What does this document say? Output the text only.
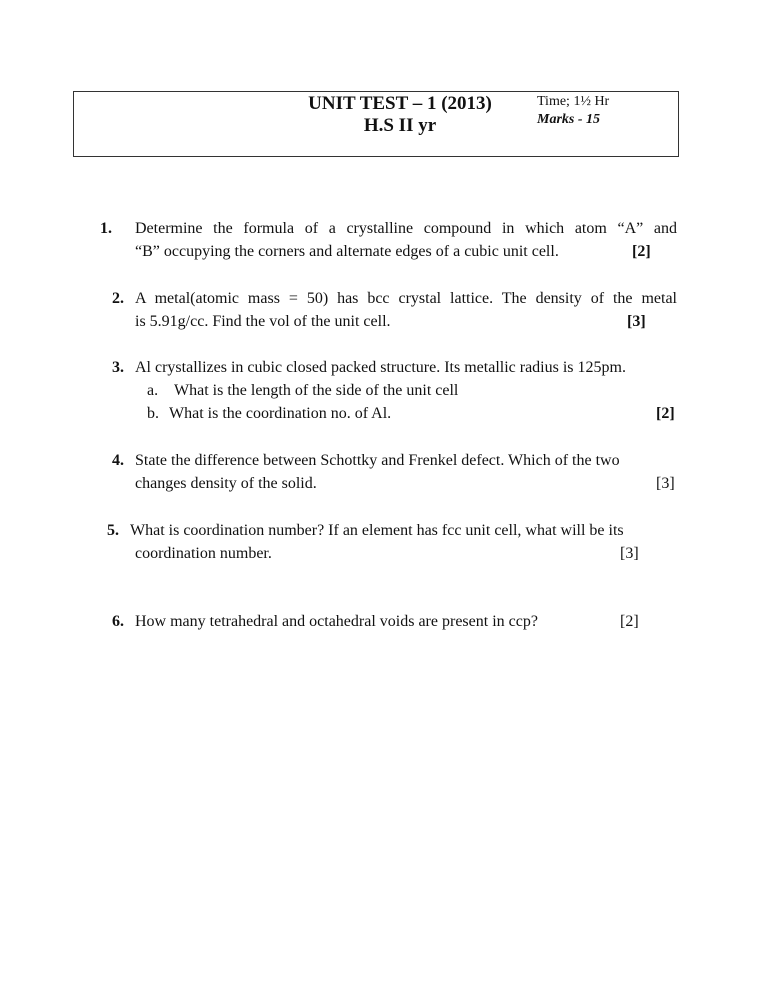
UNIT TEST – 1 (2013)
H.S II yr
Time; 1½ Hr
Marks - 15
1. Determine the formula of a crystalline compound in which atom “A” and
“B” occupying the corners and alternate edges of a cubic unit cell.	[2]
2. A metal(atomic mass = 50) has bcc crystal lattice. The density of the metal
is 5.91g/cc. Find the vol of the unit cell.	[3]
3. Al crystallizes in cubic closed packed structure. Its metallic radius is 125pm.
a. What is the length of the side of the unit cell
b. What is the coordination no. of Al.	[2]
4. State the difference between Schottky and Frenkel defect. Which of the two
changes density of the solid.	[3]
5. What is coordination number? If an element has fcc unit cell, what will be its
coordination number.	[3]
6. How many tetrahedral and octahedral voids are present in ccp?	[2]
